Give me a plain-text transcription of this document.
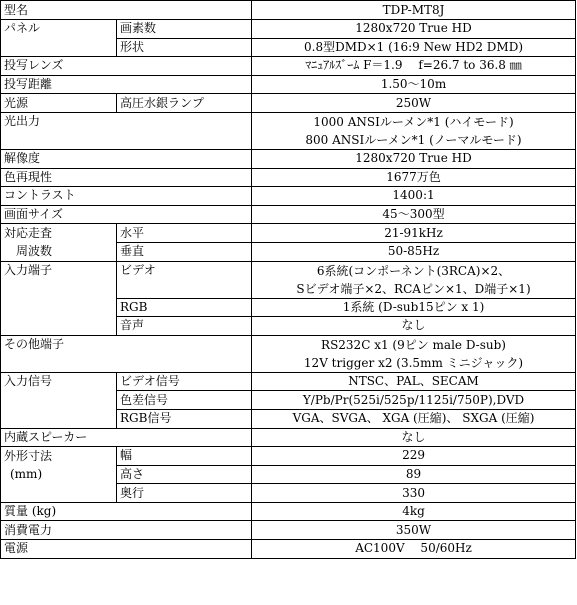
型名		TDP-MT8J
パネル	画素数	1280x720 True HD
	形状	0.8型DMD×1 (16:9 New HD2 DMD)
投写レンズ		ﾏﾆｭｱﾙｽﾞｰﾑ F＝1.9　 f=26.7 to 36.8 ㎜
投写距離		1.50～10m
光源	高圧水銀ランプ	250W
光出力		1000 ANSIルーメン*1 (ハイモード)
800 ANSIルーメン*1 (ノーマルモード)

解像度		1280x720 True HD
色再現性		1677万色
コントラスト		1400:1
画面サイズ		45～300型

対応走査
周波数	水平	21-91kHz
	垂直	50-85Hz
入力端子	ビデオ	6系統(コンポーネント(3RCA)×2、
Sビデオ端子×2、RCAピン×1、D端子×1)

	RGB	1系統 (D-sub15ピン x 1)
	音声	なし
その他端子		RS232C x1 (9ピン male D-sub)
12V trigger x2 (3.5mm ミニジャック)

入力信号	ビデオ信号	NTSC、PAL、SECAM
	色差信号	Y/Pb/Pr(525i/525p/1125i/750P),DVD
	RGB信号	VGA、SVGA、 XGA (圧縮)、 SXGA (圧縮)
内蔵スピーカー		なし

外形寸法
(mm)	幅	229
	高さ	89
	奥行	330
質量 (kg)		4kg
消費電力		350W
電源		AC100V　 50/60Hz
